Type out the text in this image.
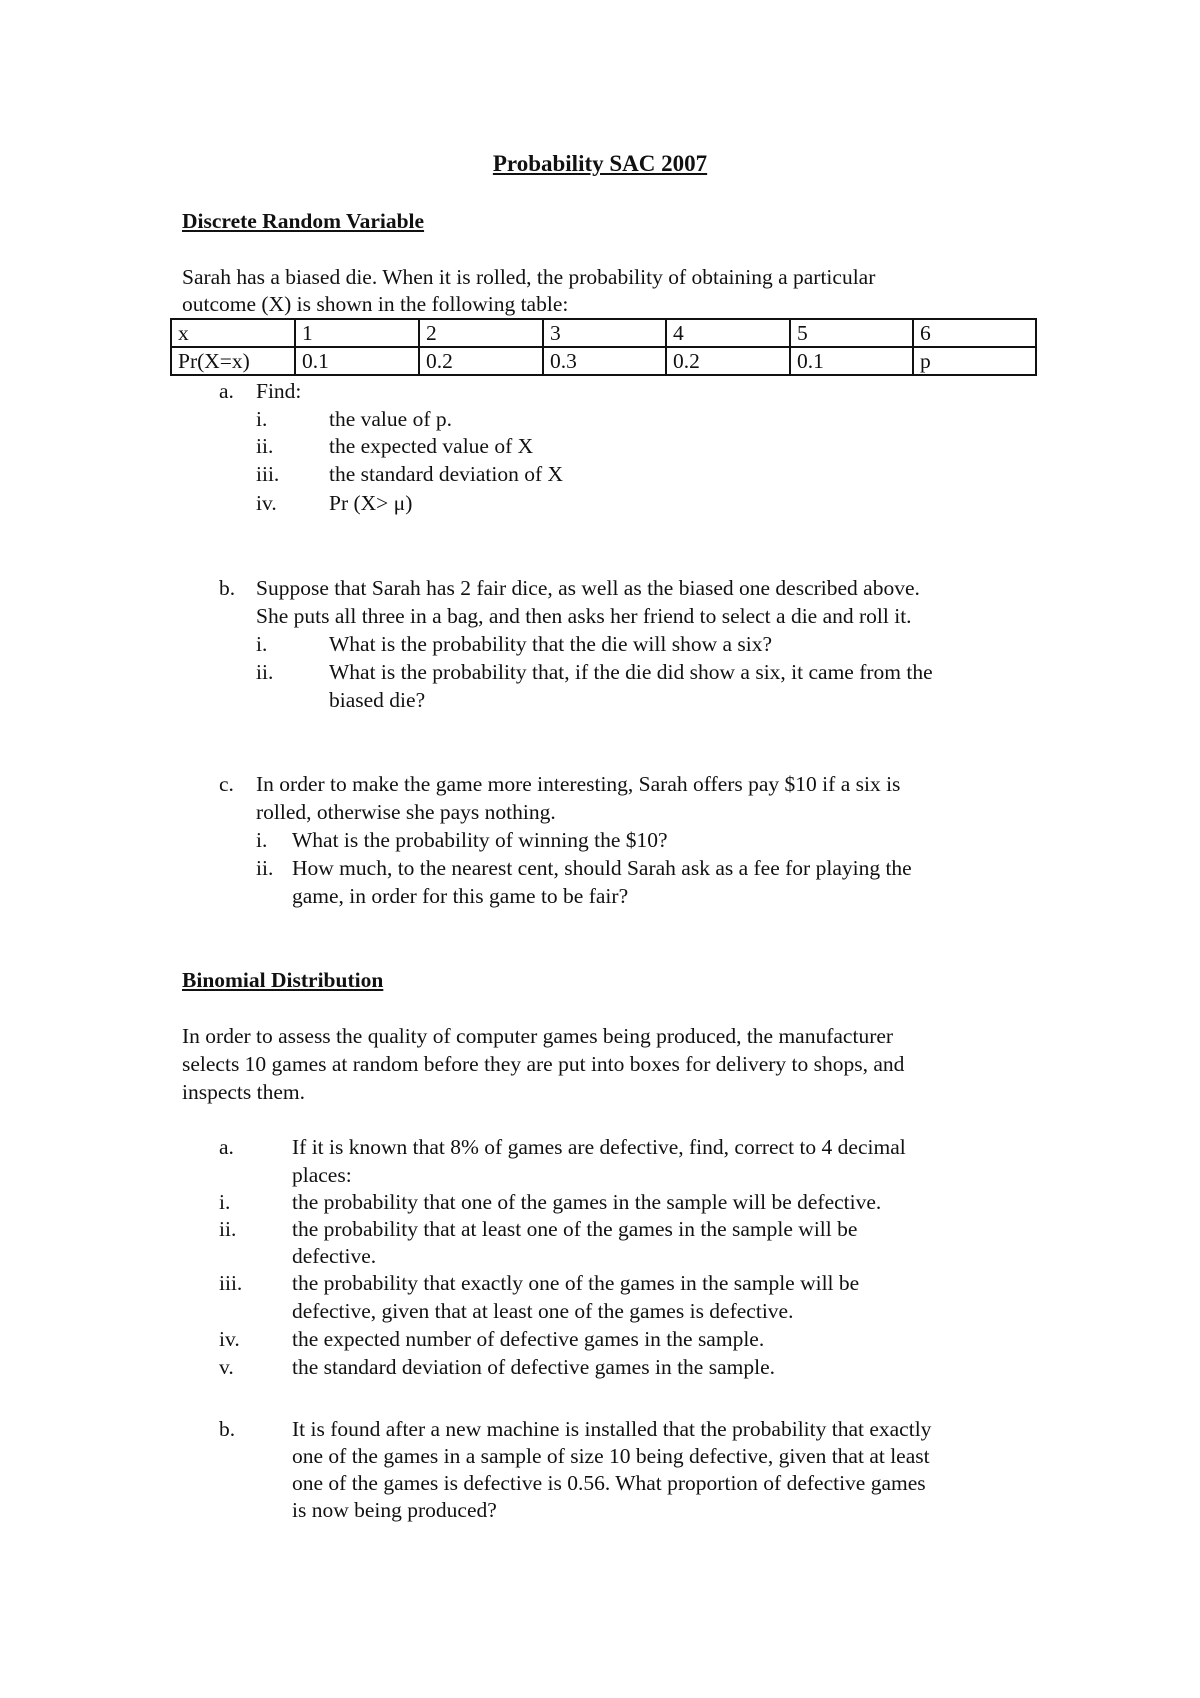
Probability SAC 2007
Discrete Random Variable
Sarah has a biased die. When it is rolled, the probability of obtaining a particular
outcome (X) is shown in the following table:
x	1	2	3	4	5	6
Pr(X=x)	0.1	0.2	0.3	0.2	0.1	p
a. Find:
i.	the value of p.
ii.	the expected value of X
iii. the standard deviation of X
iv. Pr (X> μ)
b. Suppose that Sarah has 2 fair dice, as well as the biased one described above.
She puts all three in a bag, and then asks her friend to select a die and roll it.
i.	What is the probability that the die will show a six?
ii.	What is the probability that, if the die did show a six, it came from the
biased die?
c. In order to make the game more interesting, Sarah offers pay $10 if a six is
rolled, otherwise she pays nothing.
i. What is the probability of winning the $10?
ii. How much, to the nearest cent, should Sarah ask as a fee for playing the
game, in order for this game to be fair?
Binomial Distribution
In order to assess the quality of computer games being produced, the manufacturer
selects 10 games at random before they are put into boxes for delivery to shops, and
inspects them.
a.	If it is known that 8% of games are defective, find, correct to 4 decimal
places:
i.	the probability that one of the games in the sample will be defective.
ii.	the probability that at least one of the games in the sample will be
defective.
iii. the probability that exactly one of the games in the sample will be
defective, given that at least one of the games is defective.
iv. the expected number of defective games in the sample.
v.	the standard deviation of defective games in the sample.
b.	It is found after a new machine is installed that the probability that exactly
one of the games in a sample of size 10 being defective, given that at least
one of the games is defective is 0.56. What proportion of defective games
is now being produced?
